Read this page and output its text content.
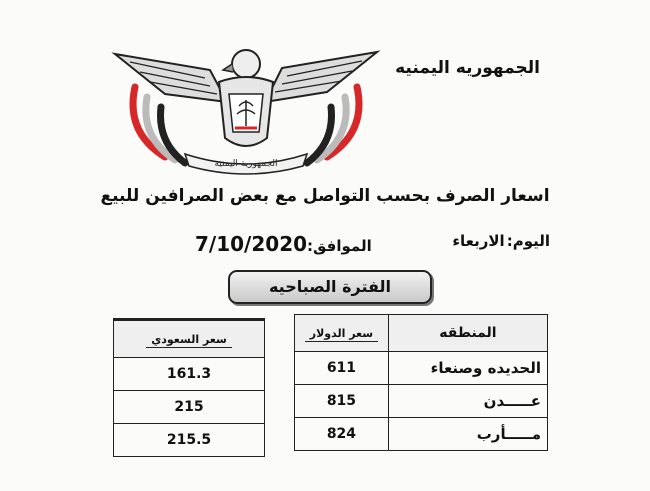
الجمهوريه اليمنيه
الجمهورية اليمنية
اسعار الصرف بحسب التواصل مع بعض الصرافين للبيع
اليوم:الاربعاء
الموافق:7/10/2020
الفترة الصباحيه
سعر الدولار	المنطقه
611	الحديده وصنعاء
815	عـــــدن
824	مـــــأرب
سعر السعودي
161.3
215
215.5
